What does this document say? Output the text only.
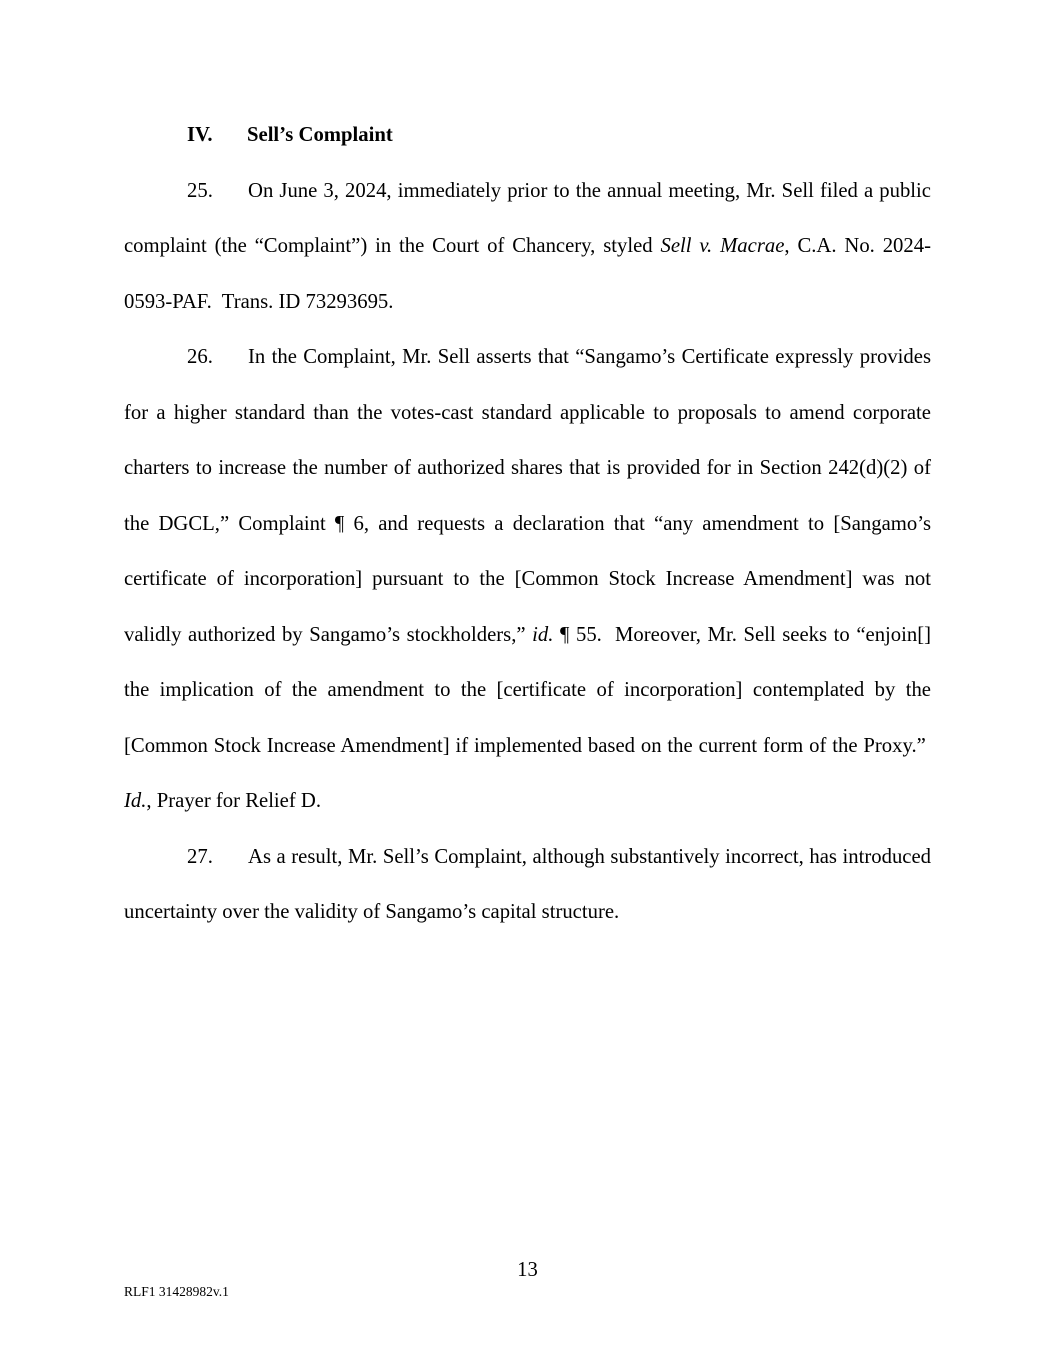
IV. Sell’s Complaint

25. On June 3, 2024, immediately prior to the annual meeting, Mr. Sell filed a public complaint (the “Complaint”) in the Court of Chancery, styled Sell v. Macrae, C.A. No. 2024-0593-PAF.  Trans. ID 73293695.

26. In the Complaint, Mr. Sell asserts that “Sangamo’s Certificate expressly provides for a higher standard than the votes-cast standard applicable to proposals to amend corporate charters to increase the number of authorized shares that is provided for in Section 242(d)(2) of the DGCL,” Complaint ¶ 6, and requests a declaration that “any amendment to [Sangamo’s certificate of incorporation] pursuant to the [Common Stock Increase Amendment] was not validly authorized by Sangamo’s stockholders,” id. ¶ 55.  Moreover, Mr. Sell seeks to “enjoin[] the implication of the amendment to the [certificate of incorporation] contemplated by the [Common Stock Increase Amendment] if implemented based on the current form of the Proxy.”  Id., Prayer for Relief D.

27. As a result, Mr. Sell’s Complaint, although substantively incorrect, has introduced uncertainty over the validity of Sangamo’s capital structure.

13
RLF1 31428982v.1
